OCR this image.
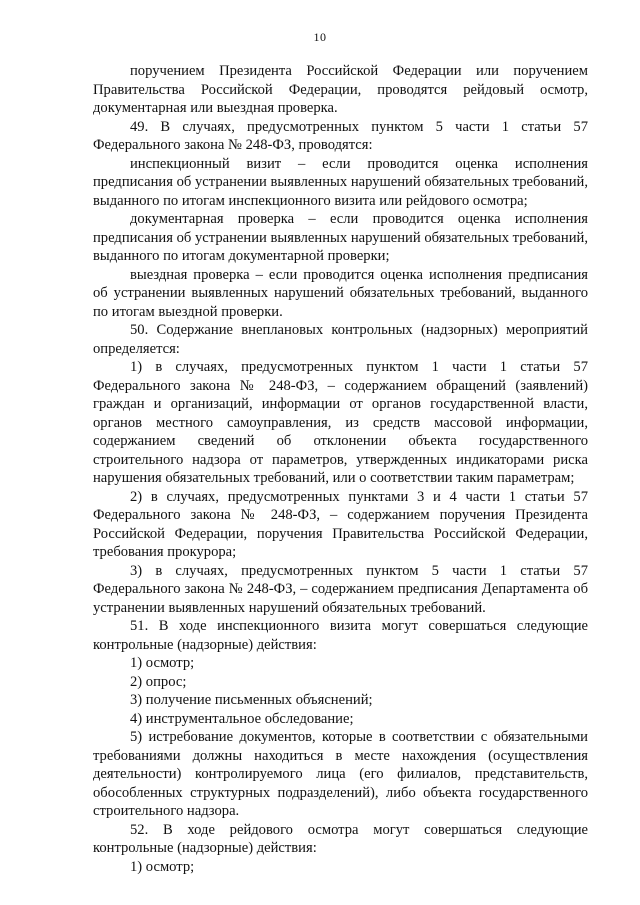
10

поручением Президента Российской Федерации или поручением Правительства Российской Федерации, проводятся рейдовый осмотр, документарная или выездная проверка.

49. В случаях, предусмотренных пунктом 5 части 1 статьи 57 Федерального закона № 248-ФЗ, проводятся:

инспекционный визит – если проводится оценка исполнения предписания об устранении выявленных нарушений обязательных требований, выданного по итогам инспекционного визита или рейдового осмотра;

документарная проверка – если проводится оценка исполнения предписания об устранении выявленных нарушений обязательных требований, выданного по итогам документарной проверки;

выездная проверка – если проводится оценка исполнения предписания об устранении выявленных нарушений обязательных требований, выданного по итогам выездной проверки.

50. Содержание внеплановых контрольных (надзорных) мероприятий определяется:

1) в случаях, предусмотренных пунктом 1 части 1 статьи 57 Федерального закона № 248-ФЗ, – содержанием обращений (заявлений) граждан и организаций, информации от органов государственной власти, органов местного самоуправления, из средств массовой информации, содержанием сведений об отклонении объекта государственного строительного надзора от параметров, утвержденных индикаторами риска нарушения обязательных требований, или о соответствии таким параметрам;

2) в случаях, предусмотренных пунктами 3 и 4 части 1 статьи 57 Федерального закона № 248-ФЗ, – содержанием поручения Президента Российской Федерации, поручения Правительства Российской Федерации, требования прокурора;

3) в случаях, предусмотренных пунктом 5 части 1 статьи 57 Федерального закона № 248-ФЗ, – содержанием предписания Департамента об устранении выявленных нарушений обязательных требований.

51. В ходе инспекционного визита могут совершаться следующие контрольные (надзорные) действия:

1) осмотр;

2) опрос;

3) получение письменных объяснений;

4) инструментальное обследование;

5) истребование документов, которые в соответствии с обязательными требованиями должны находиться в месте нахождения (осуществления деятельности) контролируемого лица (его филиалов, представительств, обособленных структурных подразделений), либо объекта государственного строительного надзора.

52. В ходе рейдового осмотра могут совершаться следующие контрольные (надзорные) действия:

1) осмотр;
